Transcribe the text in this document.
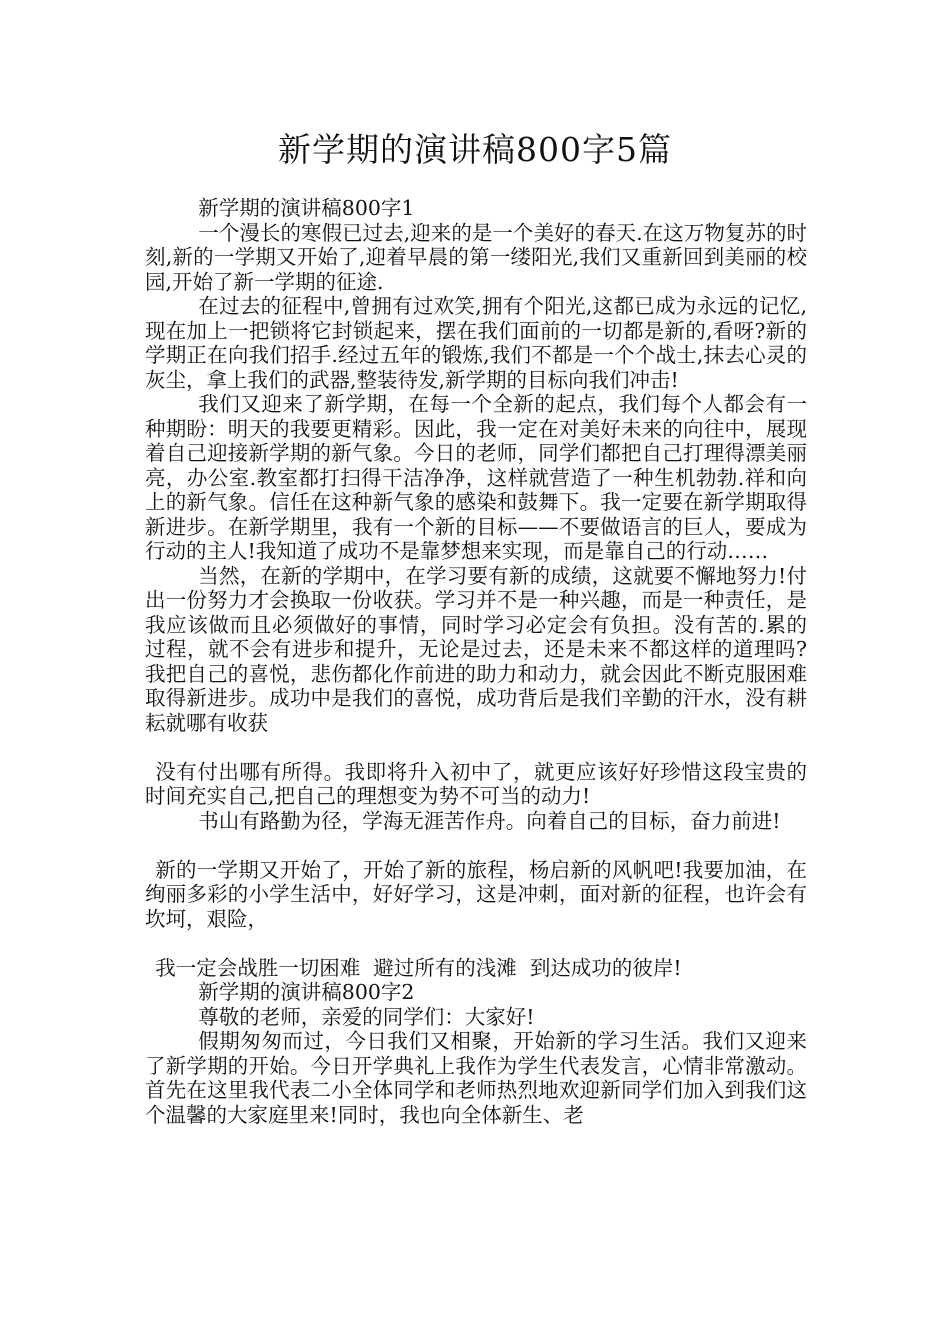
新学期的演讲稿800字5篇

新学期的演讲稿800字1

一个漫长的寒假已过去,迎来的是一个美好的春天.在这万物复苏的时刻,新的一学期又开始了,迎着早晨的第一缕阳光,我们又重新回到美丽的校园,开始了新一学期的征途.

在过去的征程中,曾拥有过欢笑,拥有个阳光,这都已成为永远的记忆,现在加上一把锁将它封锁起来，摆在我们面前的一切都是新的,看呀?新的学期正在向我们招手.经过五年的锻炼,我们不都是一个个战士,抹去心灵的灰尘，拿上我们的武器,整装待发,新学期的目标向我们冲击!

我们又迎来了新学期，在每一个全新的起点，我们每个人都会有一种期盼：明天的我要更精彩。因此，我一定在对美好未来的向往中，展现着自己迎接新学期的新气象。今日的老师，同学们都把自己打理得漂美丽亮，办公室.教室都打扫得干洁净净，这样就营造了一种生机勃勃.祥和向上的新气象。信任在这种新气象的感染和鼓舞下。我一定要在新学期取得新进步。在新学期里，我有一个新的目标——不要做语言的巨人，要成为行动的主人!我知道了成功不是靠梦想来实现，而是靠自己的行动……

当然，在新的学期中，在学习要有新的成绩，这就要不懈地努力!付出一份努力才会换取一份收获。学习并不是一种兴趣，而是一种责任，是我应该做而且必须做好的事情，同时学习必定会有负担。没有苦的.累的过程，就不会有进步和提升，无论是过去，还是未来不都这样的道理吗?我把自己的喜悦，悲伤都化作前进的助力和动力，就会因此不断克服困难取得新进步。成功中是我们的喜悦，成功背后是我们辛勤的汗水，没有耕耘就哪有收获

没有付出哪有所得。我即将升入初中了，就更应该好好珍惜这段宝贵的时间充实自己,把自己的理想变为势不可当的动力!

书山有路勤为径，学海无涯苦作舟。向着自己的目标，奋力前进!

新的一学期又开始了，开始了新的旅程，杨启新的风帆吧!我要加油，在绚丽多彩的小学生活中，好好学习，这是冲刺，面对新的征程，也许会有坎坷，艰险，

我一定会战胜一切困难  避过所有的浅滩  到达成功的彼岸!

新学期的演讲稿800字2

尊敬的老师，亲爱的同学们：大家好!

假期匆匆而过，今日我们又相聚，开始新的学习生活。我们又迎来了新学期的开始。今日开学典礼上我作为学生代表发言，心情非常激动。首先在这里我代表二小全体同学和老师热烈地欢迎新同学们加入到我们这个温馨的大家庭里来!同时，我也向全体新生、老
